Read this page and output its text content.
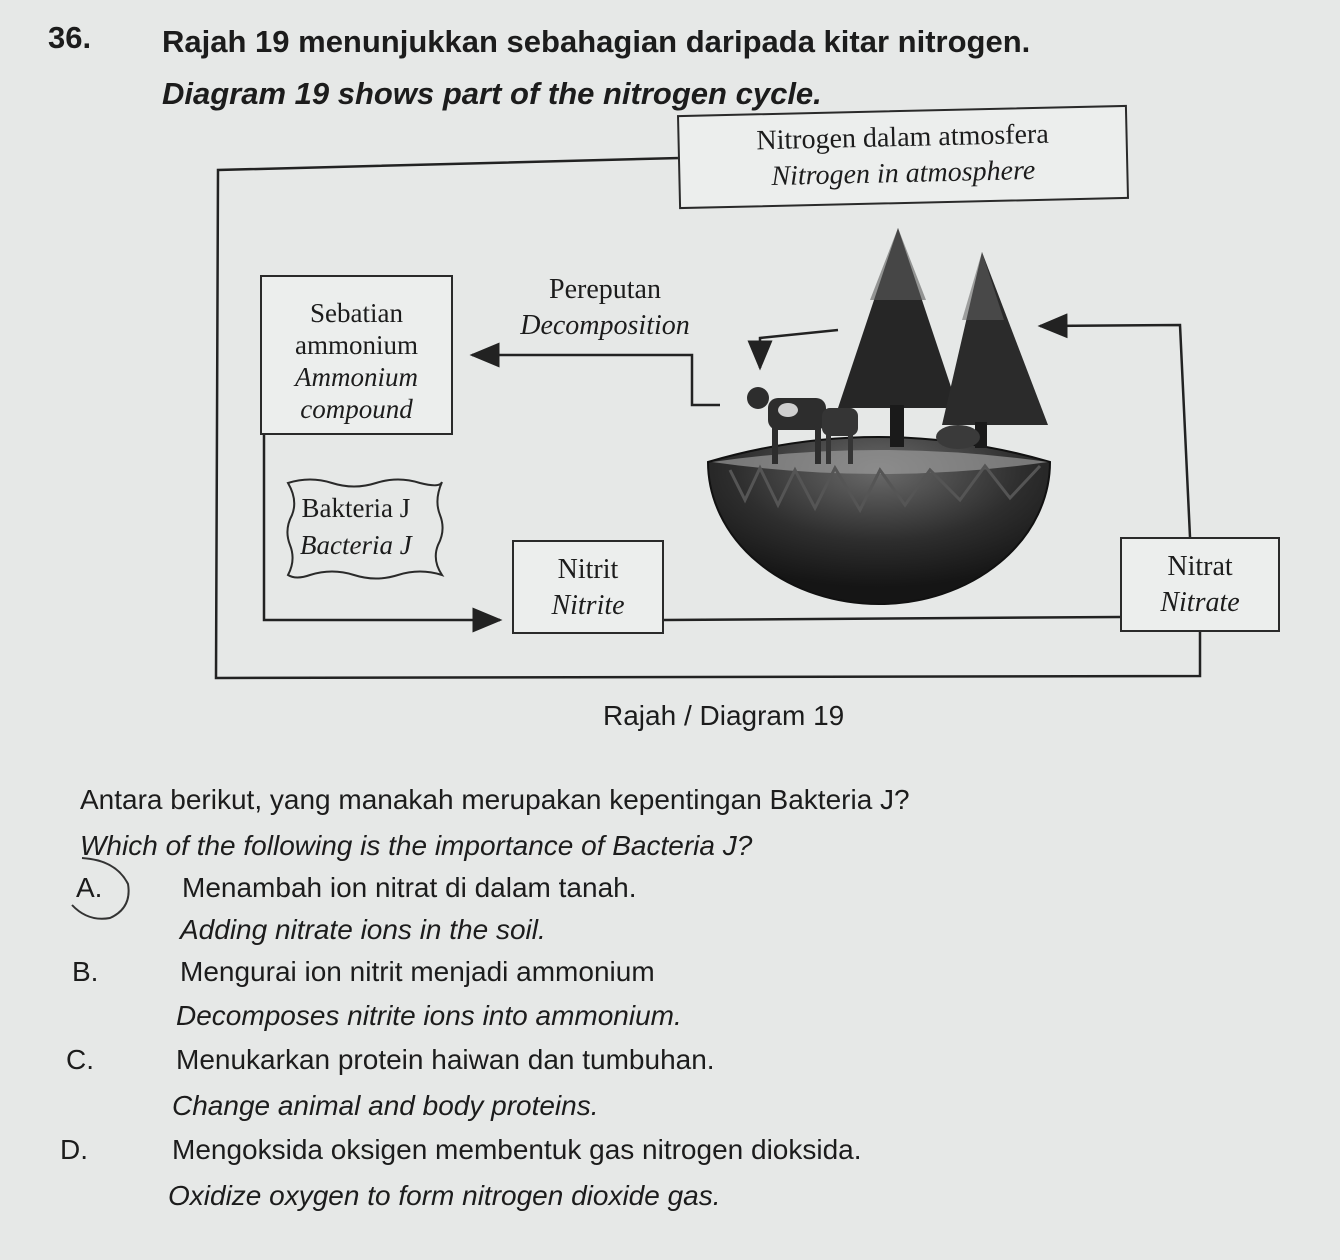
36. Rajah 19 menunjukkan sebahagian daripada kitar nitrogen.
Diagram 19 shows part of the nitrogen cycle.
Nitrogen dalam atmosfera
Nitrogen in atmosphere
Sebatian
ammonium
Ammonium
compound
Pereputan
Decomposition
Bakteria J
Bacteria J
Nitrit
Nitrite
Nitrat
Nitrate
Rajah / Diagram 19
Antara berikut, yang manakah merupakan kepentingan Bakteria J?
Which of the following is the importance of Bacteria J?
A.	Menambah ion nitrat di dalam tanah.
Adding nitrate ions in the soil.
B.	Mengurai ion nitrit menjadi ammonium
Decomposes nitrite ions into ammonium.
C.	Menukarkan protein haiwan dan tumbuhan.
Change animal and body proteins.
D.	Mengoksida oksigen membentuk gas nitrogen dioksida.
Oxidize oxygen to form nitrogen dioxide gas.
